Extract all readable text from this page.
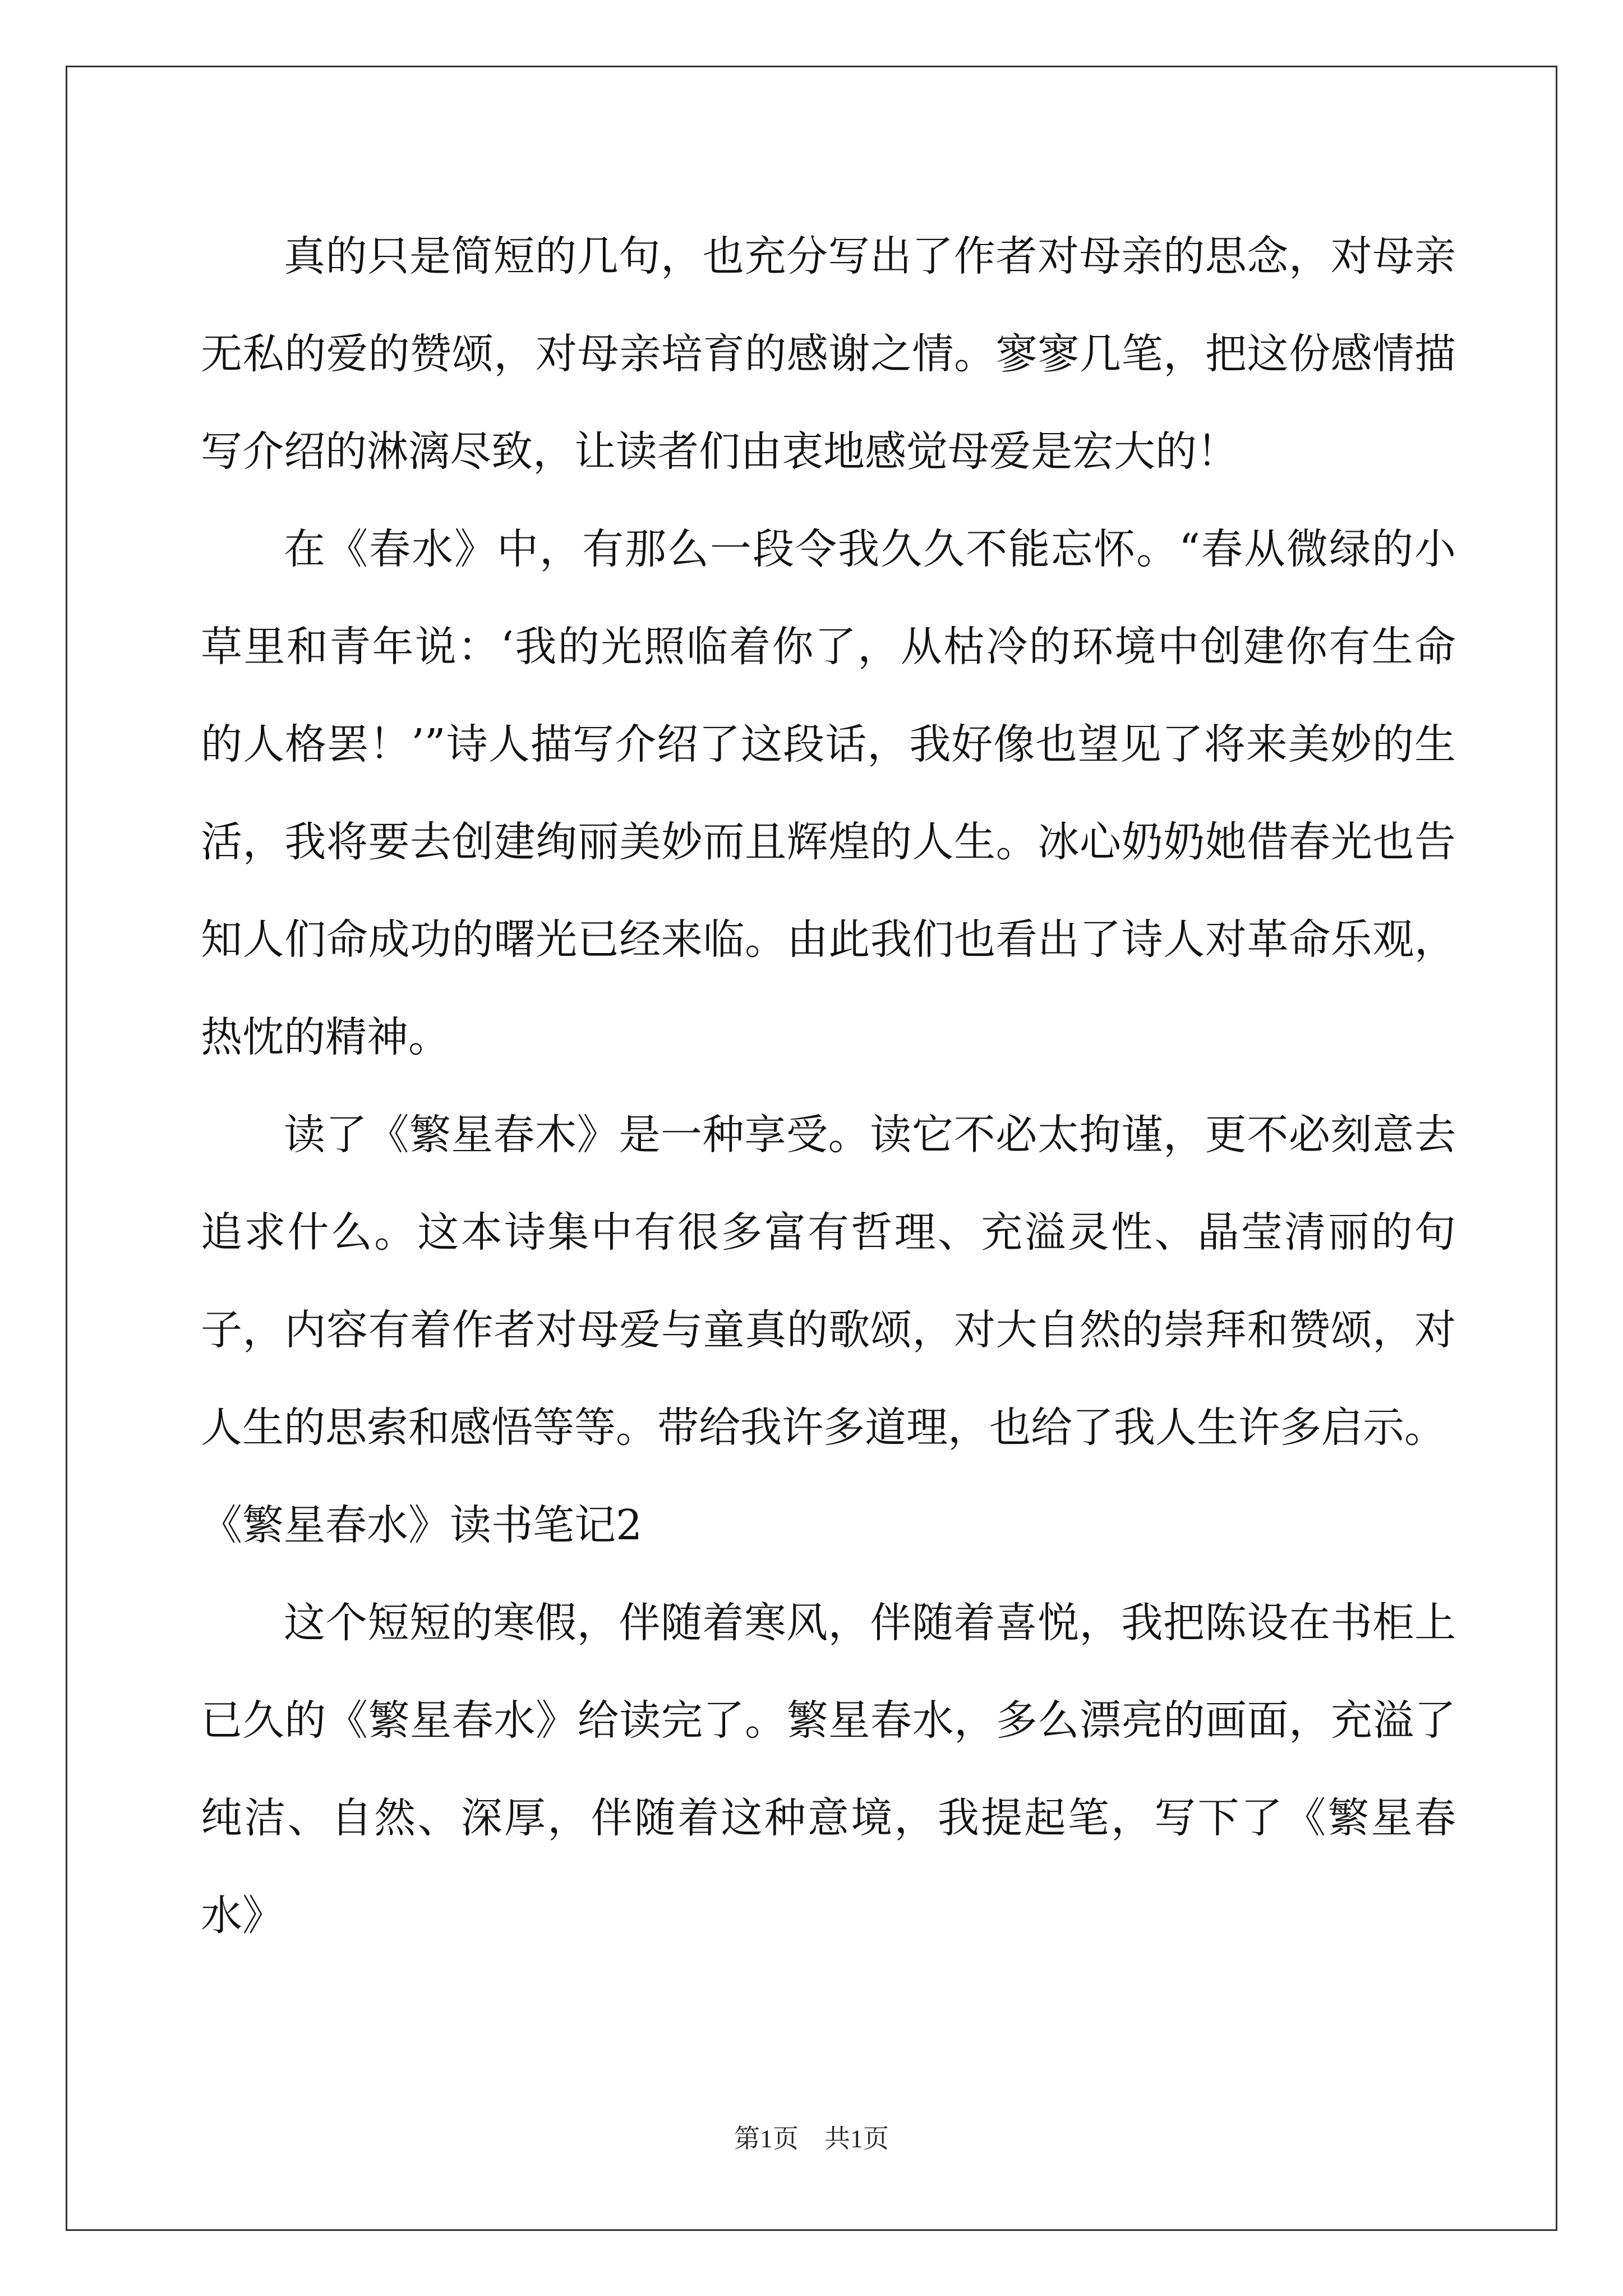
真的只是简短的几句，也充分写出了作者对母亲的思念，对母亲无私的爱的赞颂，对母亲培育的感谢之情。寥寥几笔，把这份感情描写介绍的淋漓尽致，让读者们由衷地感觉母爱是宏大的！

在《春水》中，有那么一段令我久久不能忘怀。“春从微绿的小草里和青年说：‘我的光照临着你了，从枯冷的环境中创建你有生命的人格罢！’”诗人描写介绍了这段话，我好像也望见了将来美妙的生活，我将要去创建绚丽美妙而且辉煌的人生。冰心奶奶她借春光也告知人们命成功的曙光已经来临。由此我们也看出了诗人对革命乐观，热忱的精神。

读了《繁星春木》是一种享受。读它不必太拘谨，更不必刻意去追求什么。这本诗集中有很多富有哲理、充溢灵性、晶莹清丽的句子，内容有着作者对母爱与童真的歌颂，对大自然的崇拜和赞颂，对人生的思索和感悟等等。带给我许多道理，也给了我人生许多启示。

《繁星春水》读书笔记2

这个短短的寒假，伴随着寒风，伴随着喜悦，我把陈设在书柜上已久的《繁星春水》给读完了。繁星春水，多么漂亮的画面，充溢了纯洁、自然、深厚，伴随着这种意境，我提起笔，写下了《繁星春水》

第1页　共1页
